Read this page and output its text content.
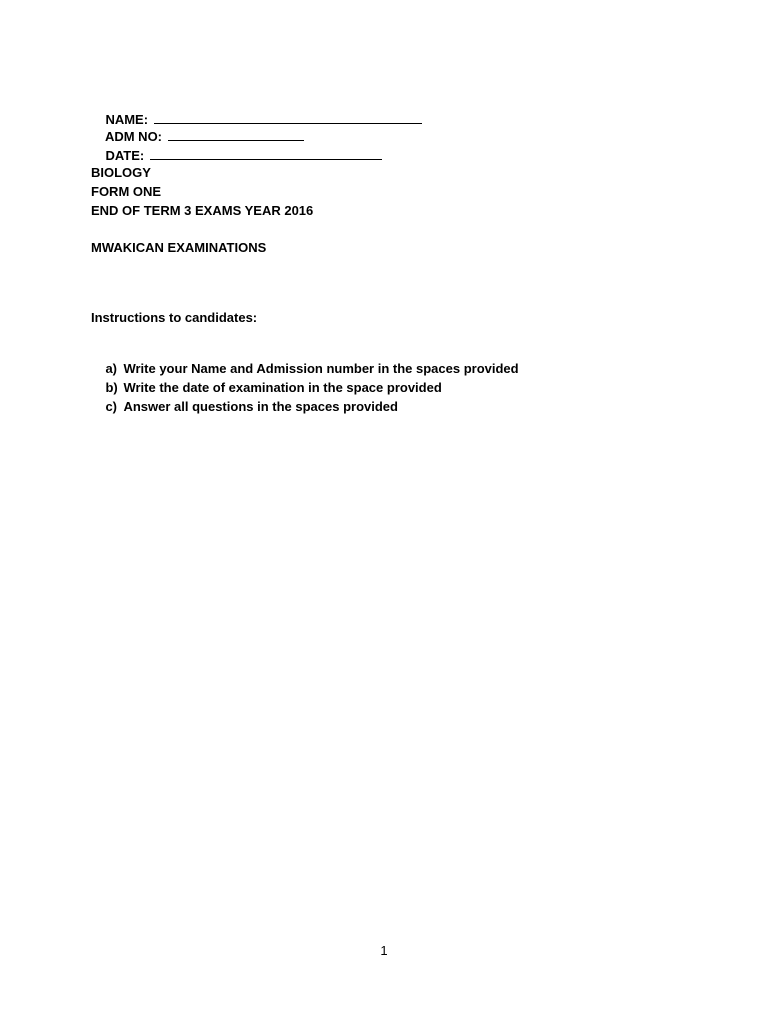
NAME:
ADM NO:

DATE:

BIOLOGY
FORM ONE
END OF TERM 3 EXAMS YEAR 2016
MWAKICAN EXAMINATIONS
Instructions to candidates:

a) Write your Name and Admission number in the spaces provided

b) Write the date of examination in the space provided

c) Answer all questions in the spaces provided

1
